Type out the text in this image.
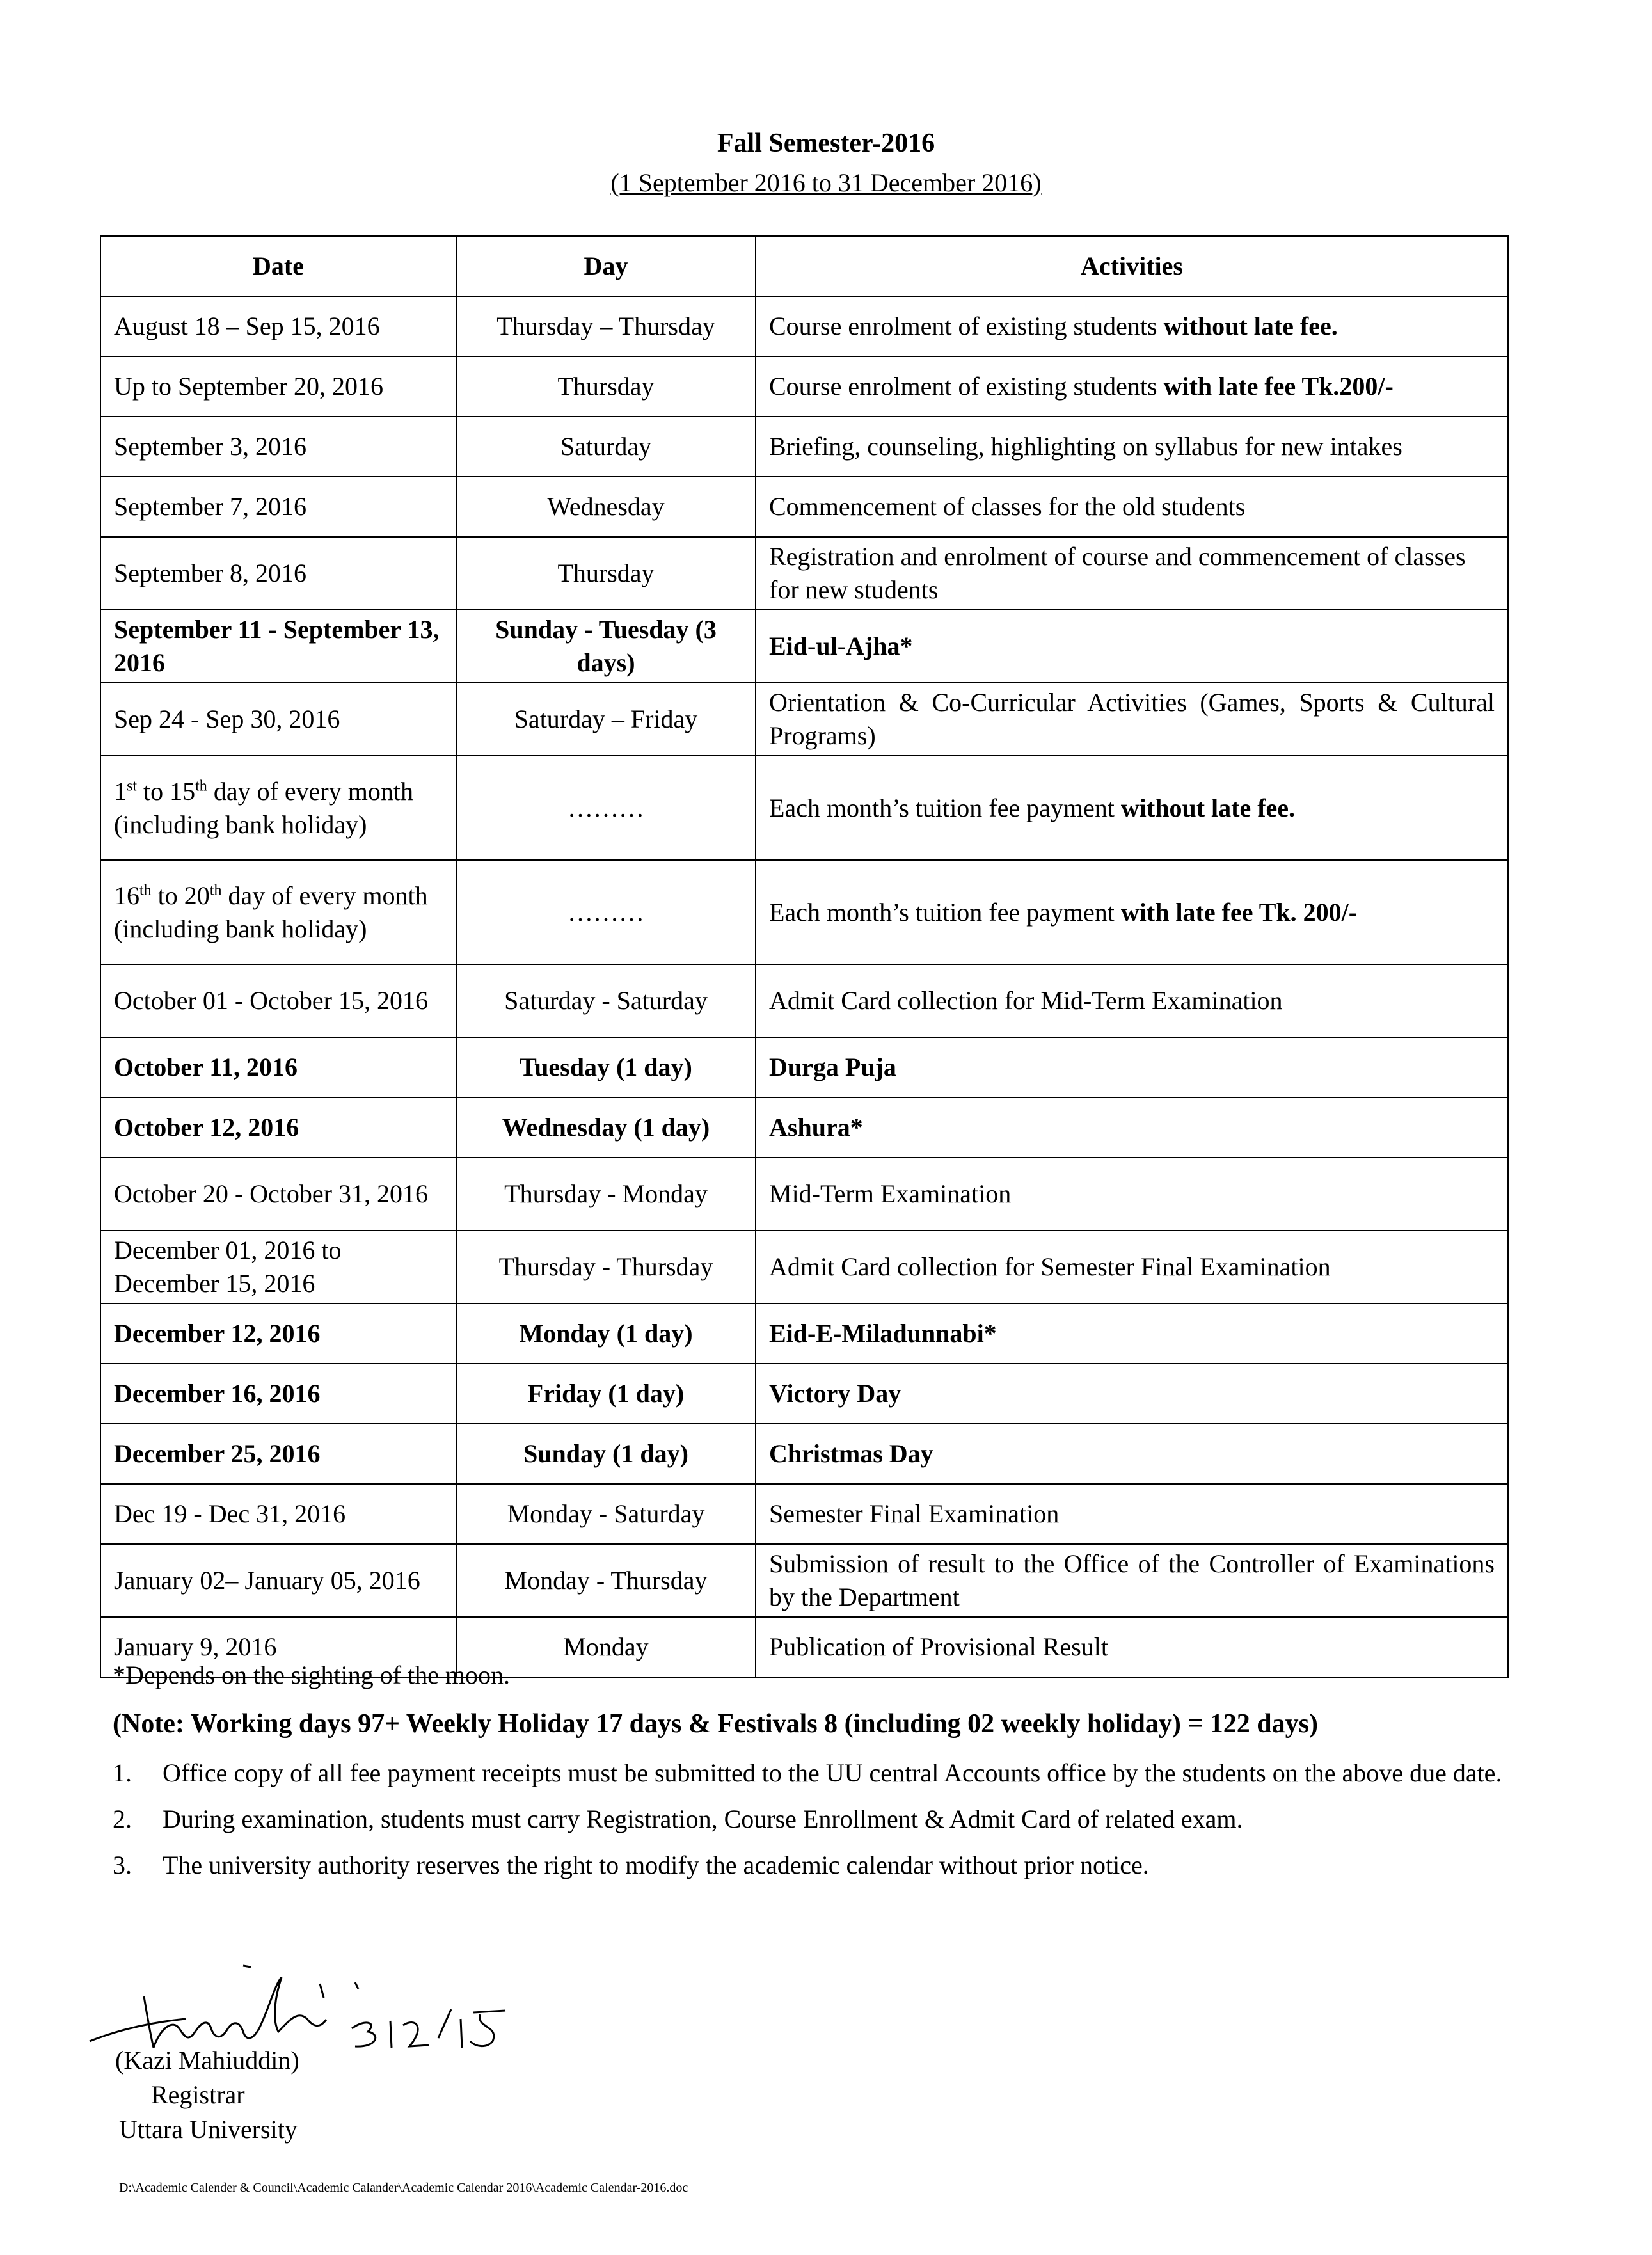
Fall Semester-2016
(1 September 2016 to 31 December 2016)
Date	Day	Activities
August 18 – Sep 15, 2016	Thursday – Thursday	Course enrolment of existing students without late fee.
Up to September 20, 2016	Thursday	Course enrolment of existing students with late fee Tk.200/-
September 3, 2016	Saturday	Briefing, counseling, highlighting on syllabus for new intakes
September 7, 2016	Wednesday	Commencement of classes for the old students
September 8, 2016	Thursday	Registration and enrolment of course and commencement of classes for new students
September 11 - September 13, 2016	Sunday - Tuesday (3 days)	Eid-ul-Ajha*
Sep 24 - Sep 30, 2016	Saturday – Friday	Orientation & Co-Curricular Activities (Games, Sports & Cultural Programs)
1st to 15th day of every month (including bank holiday)	………	Each month’s tuition fee payment without late fee.
16th to 20th day of every month (including bank holiday)	………	Each month’s tuition fee payment with late fee Tk. 200/-
October 01 - October 15, 2016	Saturday - Saturday	Admit Card collection for Mid-Term Examination
October 11, 2016	Tuesday (1 day)	Durga Puja
October 12, 2016	Wednesday (1 day)	Ashura*
October 20 - October 31, 2016	Thursday - Monday	Mid-Term Examination
December 01, 2016 to December 15, 2016	Thursday - Thursday	Admit Card collection for Semester Final Examination
December 12, 2016	Monday (1 day)	Eid-E-Miladunnabi*
December 16, 2016	Friday (1 day)	Victory Day
December 25, 2016	Sunday (1 day)	Christmas Day
Dec 19 - Dec 31, 2016	Monday - Saturday	Semester Final Examination
January 02– January 05, 2016	Monday - Thursday	Submission of result to the Office of the Controller of Examinations by the Department
January 9, 2016	Monday	Publication of Provisional Result
*Depends on the sighting of the moon.
(Note: Working days 97+ Weekly Holiday 17 days & Festivals 8 (including 02 weekly holiday) = 122 days)
1.	Office copy of all fee payment receipts must be submitted to the UU central Accounts office by the students on the above due date.
2.	During examination, students must carry Registration, Course Enrollment & Admit Card of related exam.
3.	The university authority reserves the right to modify the academic calendar without prior notice.
(Kazi Mahiuddin)
Registrar
Uttara University
D:\Academic Calender & Council\Academic Calander\Academic Calendar 2016\Academic Calendar-2016.doc
